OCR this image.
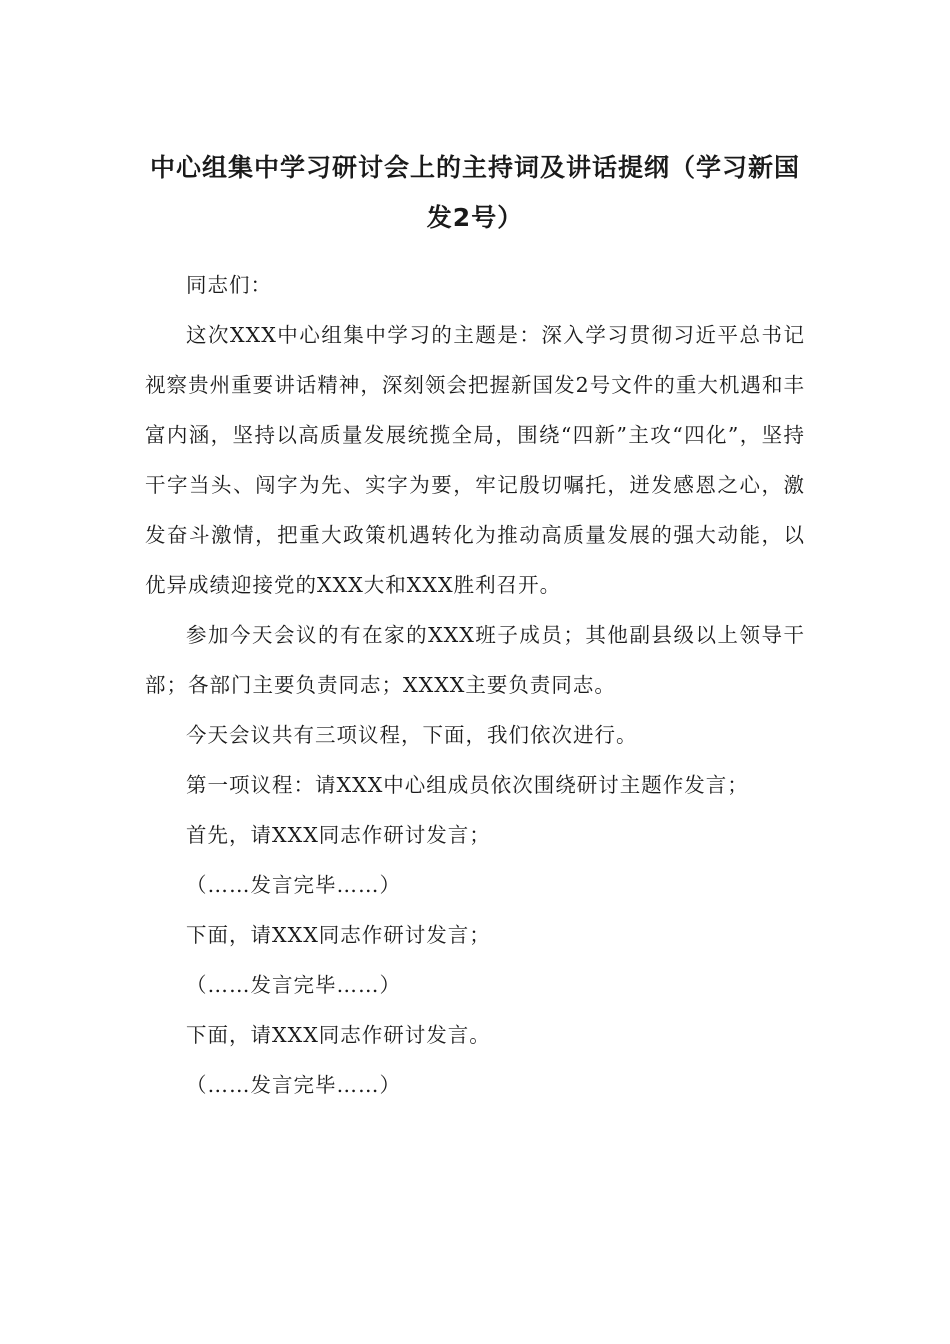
中心组集中学习研讨会上的主持词及讲话提纲（学习新国发2号）

同志们：

这次XXX中心组集中学习的主题是：深入学习贯彻习近平总书记视察贵州重要讲话精神，深刻领会把握新国发2号文件的重大机遇和丰富内涵，坚持以高质量发展统揽全局，围绕“四新”主攻“四化”，坚持干字当头、闯字为先、实字为要，牢记殷切嘱托，迸发感恩之心，激发奋斗激情，把重大政策机遇转化为推动高质量发展的强大动能，以优异成绩迎接党的XXX大和XXX胜利召开。

参加今天会议的有在家的XXX班子成员；其他副县级以上领导干部；各部门主要负责同志；XXXX主要负责同志。

今天会议共有三项议程，下面，我们依次进行。

第一项议程：请XXX中心组成员依次围绕研讨主题作发言；

首先，请XXX同志作研讨发言；

（……发言完毕……）

下面，请XXX同志作研讨发言；

（……发言完毕……）

下面，请XXX同志作研讨发言。

（……发言完毕……）
